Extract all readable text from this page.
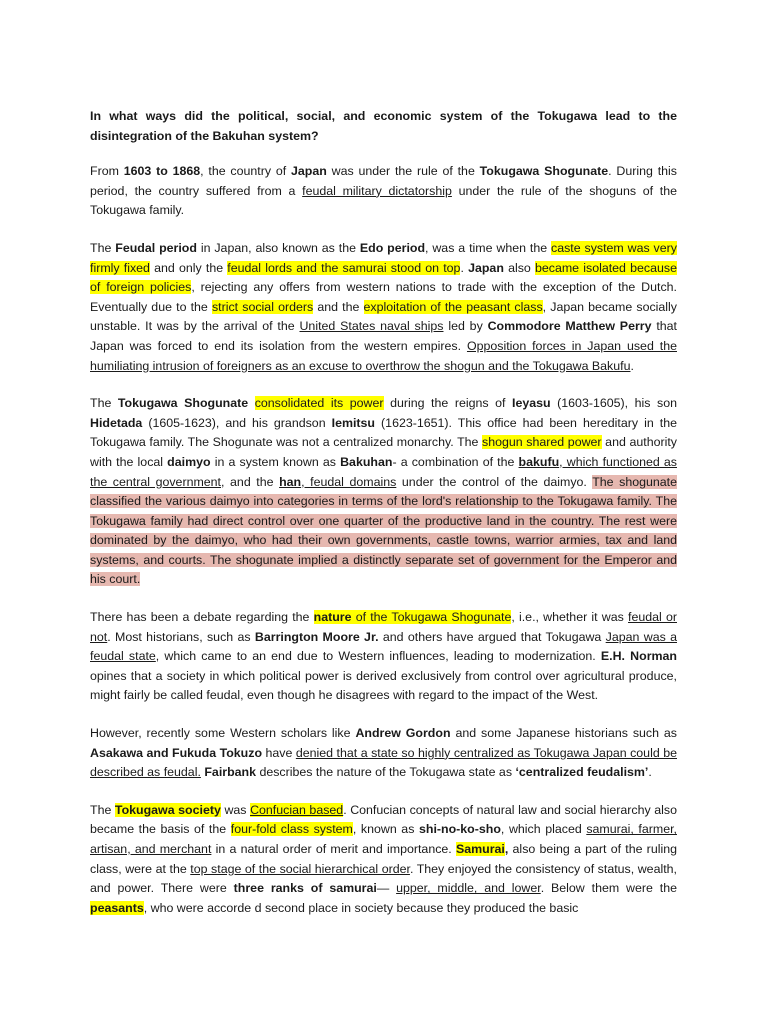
In what ways did the political, social, and economic system of the Tokugawa lead to the disintegration of the Bakuhan system?

From 1603 to 1868, the country of Japan was under the rule of the Tokugawa Shogunate. During this period, the country suffered from a feudal military dictatorship under the rule of the shoguns of the Tokugawa family.

The Feudal period in Japan, also known as the Edo period, was a time when the caste system was very firmly fixed and only the feudal lords and the samurai stood on top. Japan also became isolated because of foreign policies, rejecting any offers from western nations to trade with the exception of the Dutch. Eventually due to the strict social orders and the exploitation of the peasant class, Japan became socially unstable. It was by the arrival of the United States naval ships led by Commodore Matthew Perry that Japan was forced to end its isolation from the western empires. Opposition forces in Japan used the humiliating intrusion of foreigners as an excuse to overthrow the shogun and the Tokugawa Bakufu.

The Tokugawa Shogunate consolidated its power during the reigns of Ieyasu (1603-1605), his son Hidetada (1605-1623), and his grandson Iemitsu (1623-1651). This office had been hereditary in the Tokugawa family. The Shogunate was not a centralized monarchy. The shogun shared power and authority with the local daimyo in a system known as Bakuhan- a combination of the bakufu, which functioned as the central government, and the han, feudal domains under the control of the daimyo. The shogunate classified the various daimyo into categories in terms of the lord's relationship to the Tokugawa family. The Tokugawa family had direct control over one quarter of the productive land in the country. The rest were dominated by the daimyo, who had their own governments, castle towns, warrior armies, tax and land systems, and courts. The shogunate implied a distinctly separate set of government for the Emperor and his court.

There has been a debate regarding the nature of the Tokugawa Shogunate, i.e., whether it was feudal or not. Most historians, such as Barrington Moore Jr. and others have argued that Tokugawa Japan was a feudal state, which came to an end due to Western influences, leading to modernization. E.H. Norman opines that a society in which political power is derived exclusively from control over agricultural produce, might fairly be called feudal, even though he disagrees with regard to the impact of the West.

However, recently some Western scholars like Andrew Gordon and some Japanese historians such as Asakawa and Fukuda Tokuzo have denied that a state so highly centralized as Tokugawa Japan could be described as feudal. Fairbank describes the nature of the Tokugawa state as ‘centralized feudalism’.

The Tokugawa society was Confucian based. Confucian concepts of natural law and social hierarchy also became the basis of the four-fold class system, known as shi-no-ko-sho, which placed samurai, farmer, artisan, and merchant in a natural order of merit and importance. Samurai, also being a part of the ruling class, were at the top stage of the social hierarchical order. They enjoyed the consistency of status, wealth, and power. There were three ranks of samurai— upper, middle, and lower. Below them were the peasants, who were accorde d second place in society because they produced the basic
